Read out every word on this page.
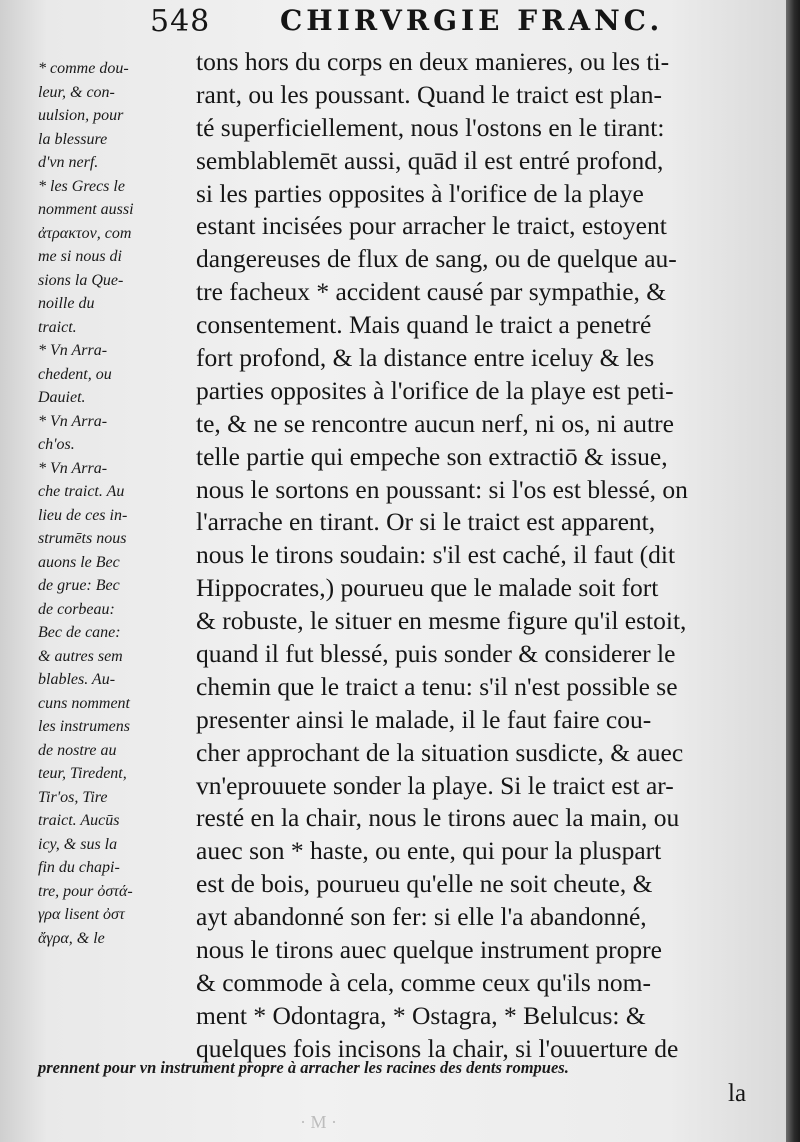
548 CHIRVRGIE FRANC.
* comme dou-
leur, & con-
uulsion, pour
la blessure
d'vn nerf.
* les Grecs le
nomment aussi
ἀτρακτον, com
me si nous di
sions la Que-
noille du
traict.
* Vn Arra-
chedent, ou
Dauiet.
* Vn Arra-
ch'os.
* Vn Arra-
che traict. Au
lieu de ces in-
strumēts nous
auons le Bec
de grue: Bec
de corbeau:
Bec de cane:
& autres sem
blables. Au-
cuns nomment
les instrumens
de nostre au
teur, Tiredent,
Tir'os, Tire
traict. Aucūs
icy, & sus la
fin du chapi-
tre, pour ὀστά-
γρα lisent ὀστ
ἄγρα, & le
tons hors du corps en deux manieres, ou les ti-
rant, ou les poussant. Quand le traict est plan-
té superficiellement, nous l'ostons en le tirant:
semblablemēt aussi, quād il est entré profond,
si les parties opposites à l'orifice de la playe
estant incisées pour arracher le traict, estoyent
dangereuses de flux de sang, ou de quelque au-
tre facheux * accident causé par sympathie, &
consentement. Mais quand le traict a penetré
fort profond, & la distance entre iceluy & les
parties opposites à l'orifice de la playe est peti-
te, & ne se rencontre aucun nerf, ni os, ni autre
telle partie qui empeche son extractiō & issue,
nous le sortons en poussant: si l'os est blessé, on
l'arrache en tirant. Or si le traict est apparent,
nous le tirons soudain: s'il est caché, il faut (dit
Hippocrates,) pourueu que le malade soit fort
& robuste, le situer en mesme figure qu'il estoit,
quand il fut blessé, puis sonder & considerer le
chemin que le traict a tenu: s'il n'est possible se
presenter ainsi le malade, il le faut faire cou-
cher approchant de la situation susdicte, & auec
vn'eprouuete sonder la playe. Si le traict est ar-
resté en la chair, nous le tirons auec la main, ou
auec son * haste, ou ente, qui pour la pluspart
est de bois, pourueu qu'elle ne soit cheute, &
ayt abandonné son fer: si elle l'a abandonné,
nous le tirons auec quelque instrument propre
& commode à cela, comme ceux qu'ils nom-
ment * Odontagra, * Ostagra, * Belulcus: &
quelques fois incisons la chair, si l'ouuerture de
prennent pour vn instrument propre à arracher les racines des dents rompues.
la
· M ·
